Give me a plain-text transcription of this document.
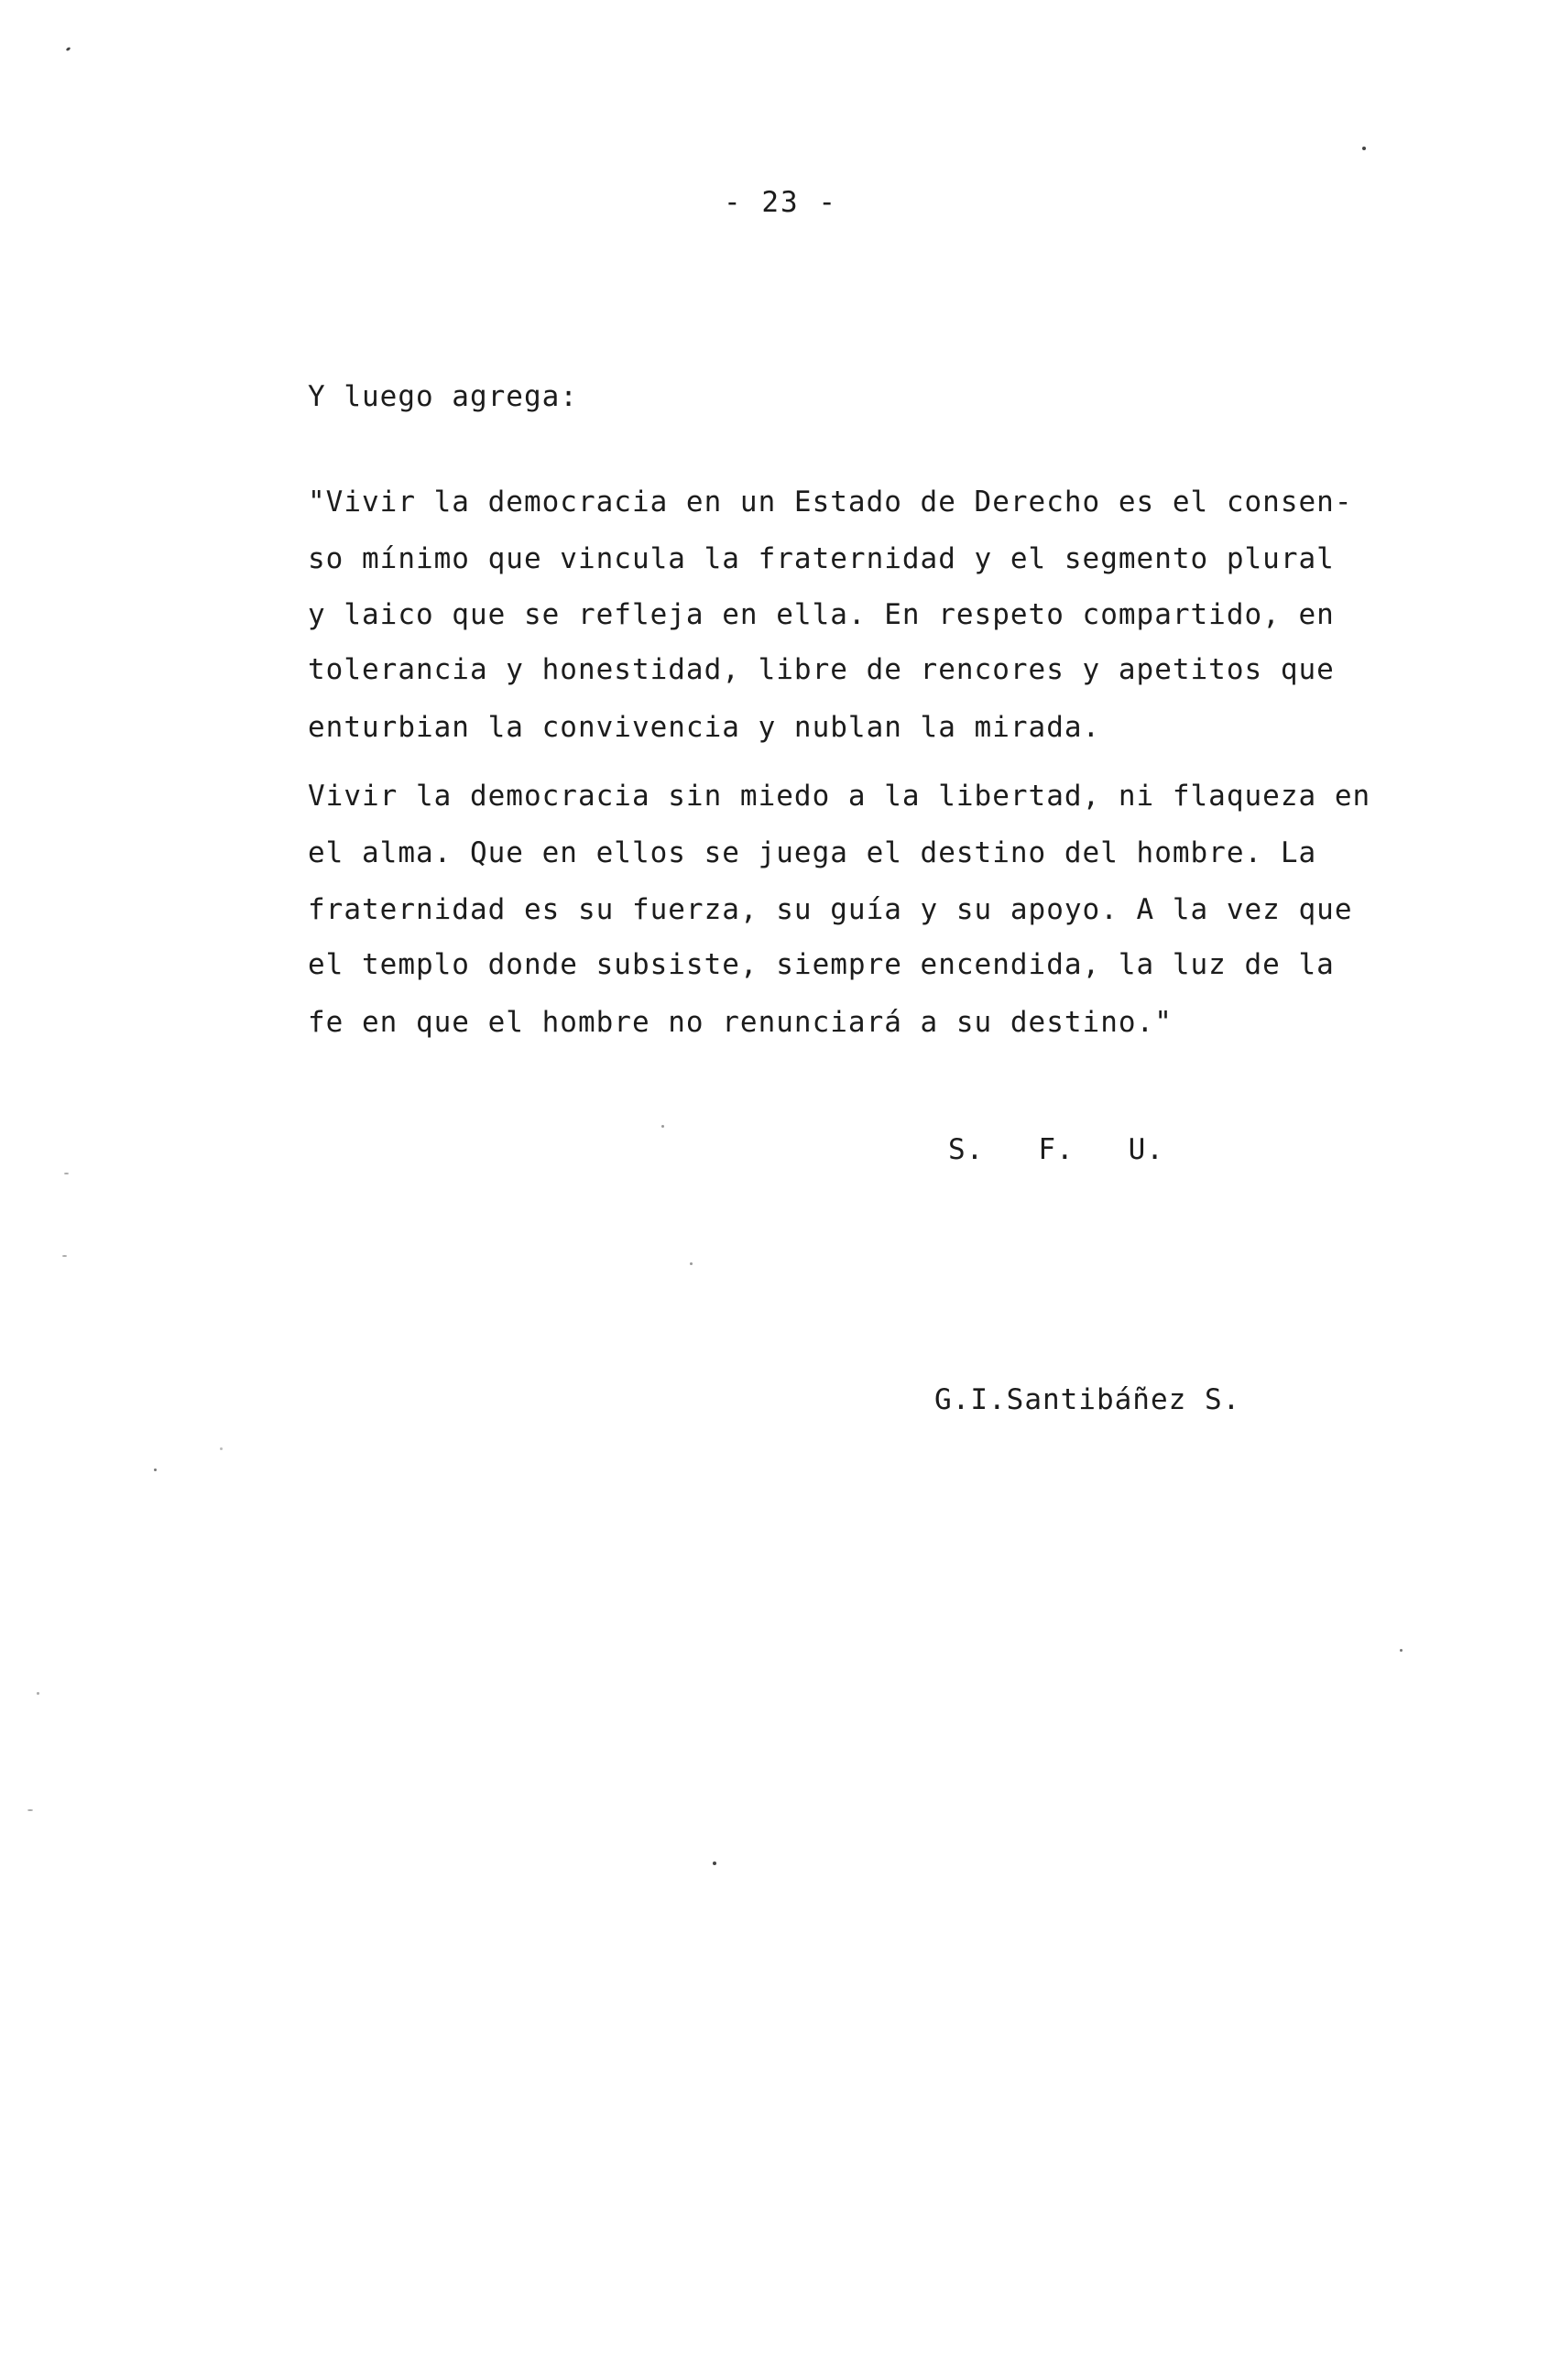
- 23 -
Y luego agrega:
"Vivir la democracia en un Estado de Derecho es el consen-
so mínimo que vincula la fraternidad y el segmento plural
y laico que se refleja en ella. En respeto compartido, en
tolerancia y honestidad, libre de rencores y apetitos que
enturbian la convivencia y nublan la mirada.
Vivir la democracia sin miedo a la libertad, ni flaqueza en
el alma. Que en ellos se juega el destino del hombre. La
fraternidad es su fuerza, su guía y su apoyo. A la vez que
el templo donde subsiste, siempre encendida, la luz de la
fe en que el hombre no renunciará a su destino."
S.   F.   U.
G.I.Santibáñez S.
